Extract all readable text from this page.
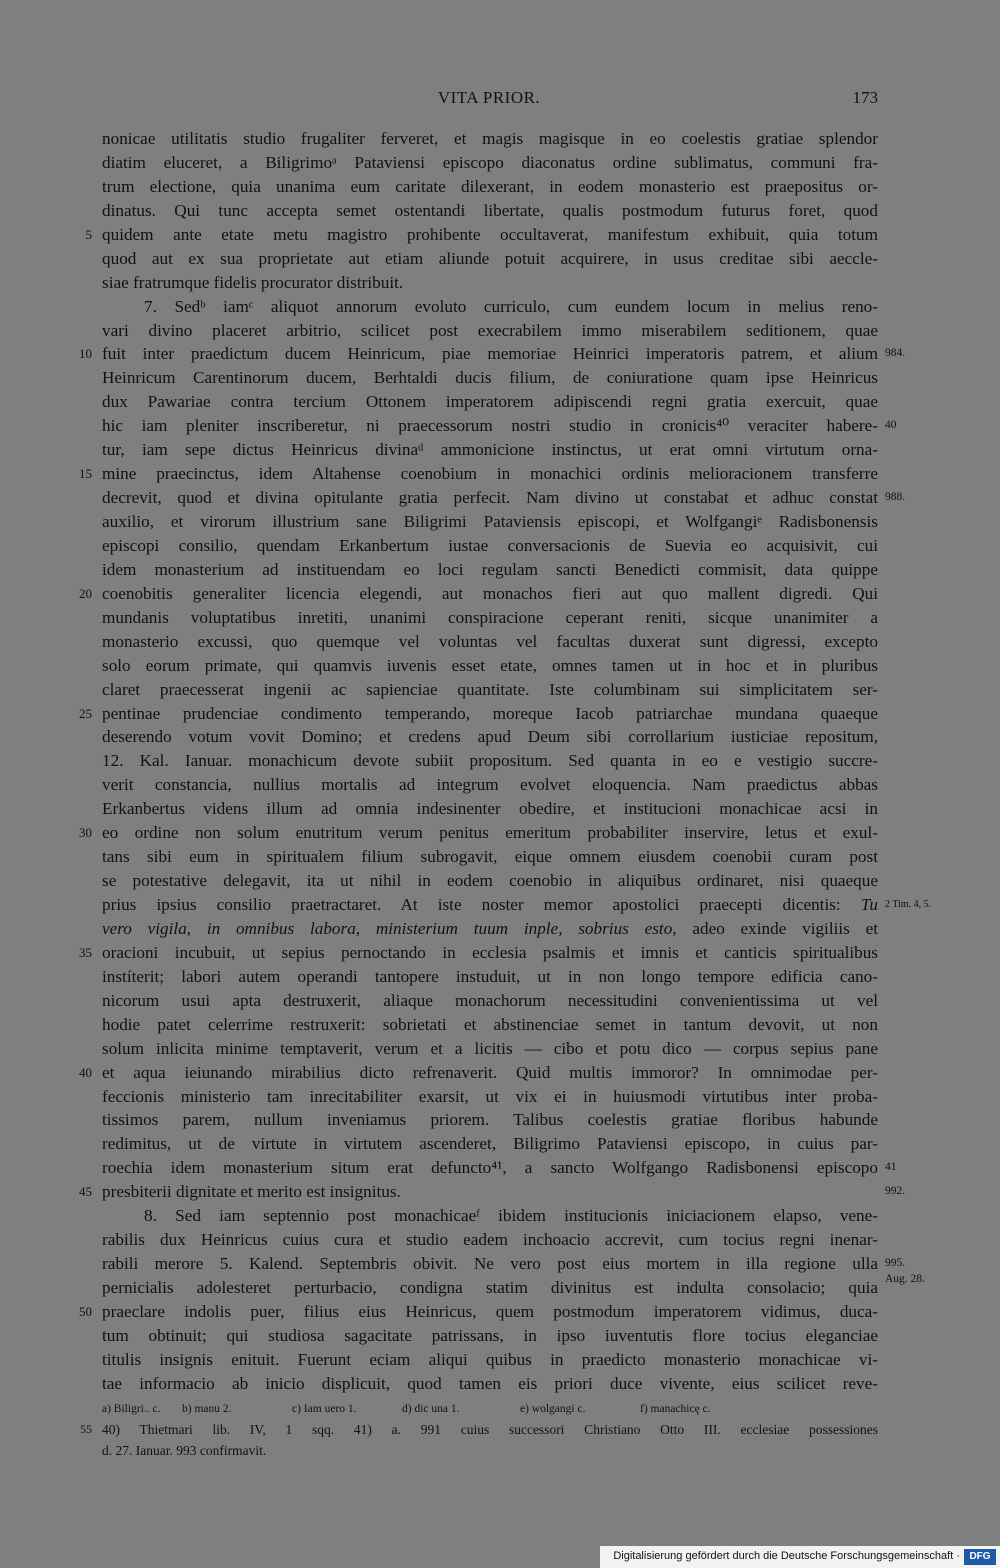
VITA PRIOR.	173
nonicae utilitatis studio frugaliter ferveret, et magis magisque in eo coelestis gratiae splendor
diatim eluceret, a Biligrimoᵃ Pataviensi episcopo diaconatus ordine sublimatus, communi fra-
trum electione, quia unanima eum caritate dilexerant, in eodem monasterio est praepositus or-
dinatus. Qui tunc accepta semet ostentandi libertate, qualis postmodum futurus foret, quod
5 quidem ante etate metu magistro prohibente occultaverat, manifestum exhibuit, quia totum
quod aut ex sua proprietate aut etiam aliunde potuit acquirere, in usus creditae sibi aeccle-
siae fratrumque fidelis procurator distribuit.
7. Sedᵇ iamᶜ aliquot annorum evoluto curriculo, cum eundem locum in melius reno-
vari divino placeret arbitrio, scilicet post execrabilem immo miserabilem seditionem, quae
10 fuit inter praedictum ducem Heinricum, piae memoriae Heinrici imperatoris patrem, et alium 984.
Heinricum Carentinorum ducem, Berhtaldi ducis filium, de coniuratione quam ipse Heinricus
dux Pawariae contra tercium Ottonem imperatorem adipiscendi regni gratia exercuit, quae
hic iam pleniter inscriberetur, ni praecessorum nostri studio in cronicis⁴⁰ veraciter habere- 40
tur, iam sepe dictus Heinricus divinaᵈ ammonicione instinctus, ut erat omni virtutum orna-
15 mine praecinctus, idem Altahense coenobium in monachici ordinis melioracionem transferre
decrevit, quod et divina opitulante gratia perfecit. Nam divino ut constabat et adhuc constat 988.
auxilio, et virorum illustrium sane Biligrimi Pataviensis episcopi, et Wolfgangiᵉ Radisbonensis
episcopi consilio, quendam Erkanbertum iustae conversacionis de Suevia eo acquisivit, cui
idem monasterium ad instituendam eo loci regulam sancti Benedicti commisit, data quippe
20 coenobitis generaliter licencia elegendi, aut monachos fieri aut quo mallent digredi. Qui
mundanis voluptatibus inretiti, unanimi conspiracione ceperant reniti, sicque unanimiter a
monasterio excussi, quo quemque vel voluntas vel facultas duxerat sunt digressi, excepto
solo eorum primate, qui quamvis iuvenis esset etate, omnes tamen ut in hoc et in pluribus
claret praecesserat ingenii ac sapienciae quantitate. Iste columbinam sui simplicitatem ser-
25 pentinae prudenciae condimento temperando, moreque Iacob patriarchae mundana quaeque
deserendo votum vovit Domino; et credens apud Deum sibi corrollarium iusticiae repositum,
12. Kal. Ianuar. monachicum devote subiit propositum. Sed quanta in eo e vestigio succre-
verit constancia, nullius mortalis ad integrum evolvet eloquencia. Nam praedictus abbas
Erkanbertus videns illum ad omnia indesinenter obedire, et institucioni monachicae acsi in
30 eo ordine non solum enutritum verum penitus emeritum probabiliter inservire, letus et exul-
tans sibi eum in spiritualem filium subrogavit, eique omnem eiusdem coenobii curam post
se potestative delegavit, ita ut nihil in eodem coenobio in aliquibus ordinaret, nisi quaeque
prius ipsius consilio praetractaret. At iste noster memor apostolici praecepti dicentis: Tu 2 Tim. 4, 5.
vero vigila, in omnibus labora, ministerium tuum inple, sobrius esto, adeo exinde vigiliis et
35 oracioni incubuit, ut sepius pernoctando in ecclesia psalmis et imnis et canticis spiritualibus
instíterit; labori autem operandi tantopere instuduit, ut in non longo tempore edificia cano-
nicorum usui apta destruxerit, aliaque monachorum necessitudini convenientissima ut vel
hodie patet celerrime restruxerit: sobrietati et abstinenciae semet in tantum devovit, ut non
solum inlicita minime temptaverit, verum et a licitis — cibo et potu dico — corpus sepius pane
40 et aqua ieiunando mirabilius dicto refrenaverit. Quid multis immoror? In omnimodae per-
feccionis ministerio tam inrecitabiliter exarsit, ut vix ei in huiusmodi virtutibus inter proba-
tissimos parem, nullum inveniamus priorem. Talibus coelestis gratiae floribus habunde
redimitus, ut de virtute in virtutem ascenderet, Biligrimo Pataviensi episcopo, in cuius par-
roechia idem monasterium situm erat defuncto⁴¹, a sancto Wolfgango Radisbonensi episcopo 41
45 presbiterii dignitate et merito est insignitus.	992.
8. Sed iam septennio post monachicaeᶠ ibidem institucionis iniciacionem elapso, vene-
rabilis dux Heinricus cuius cura et studio eadem inchoacio accrevit, cum tocius regni inenar-
rabili merore 5. Kalend. Septembris obivit. Ne vero post eius mortem in illa regione ulla 995.
pernicialis adolesteret perturbacio, condigna statim divinitus est indulta consolacio; quia Aug. 28.
50 praeclare indolis puer, filius eius Heinricus, quem postmodum imperatorem vidimus, duca-
tum obtinuit; qui studiosa sagacitate patrissans, in ipso iuventutis flore tocius eleganciae
titulis insignis enituit. Fuerunt eciam aliqui quibus in praedicto monasterio monachicae vi-
tae informacio ab inicio displicuit, quod tamen eis priori duce vivente, eius scilicet reve-
a) Biligri.. c. b) manu 2.	c) Iam uero 1.	d) dic una 1.	e) wolgangi c.	f) manachicę c.
55 40) Thietmari lib. IV, 1 sqq. 41) a. 991 cuius successori Christiano Otto III. ecclesiae possessiones
d. 27. Ianuar. 993 confirmavit.
Digitalisierung gefördert durch die Deutsche Forschungsgemeinschaft · DFG
